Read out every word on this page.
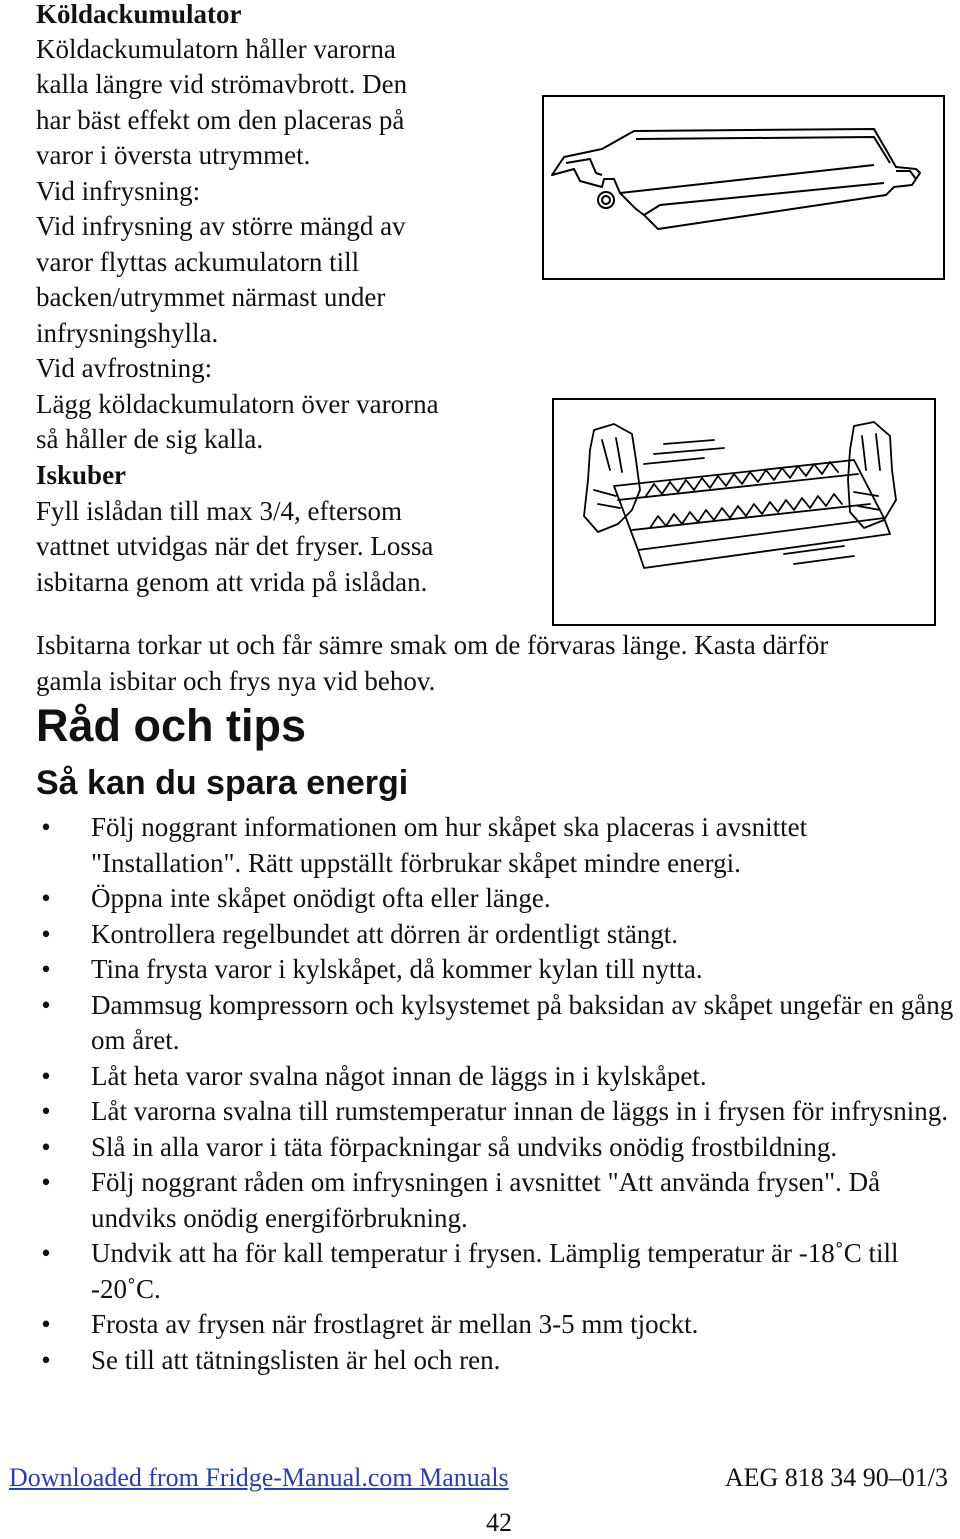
Köldackumulator
Köldackumulatorn håller varorna
kalla längre vid strömavbrott. Den
har bäst effekt om den placeras på
varor i översta utrymmet.
Vid infrysning:
Vid infrysning av större mängd av
varor flyttas ackumulatorn till
backen/utrymmet närmast under
infrysningshylla.
Vid avfrostning:
Lägg köldackumulatorn över varorna
så håller de sig kalla.
Iskuber
Fyll islådan till max 3/4, eftersom
vattnet utvidgas när det fryser. Lossa
isbitarna genom att vrida på islådan.
Isbitarna torkar ut och får sämre smak om de förvaras länge. Kasta därför
gamla isbitar och frys nya vid behov.
Råd och tips
Så kan du spara energi
• Följ noggrant informationen om hur skåpet ska placeras i avsnittet "Installation". Rätt uppställt förbrukar skåpet mindre energi.
• Öppna inte skåpet onödigt ofta eller länge.
• Kontrollera regelbundet att dörren är ordentligt stängt.
• Tina frysta varor i kylskåpet, då kommer kylan till nytta.
• Dammsug kompressorn och kylsystemet på baksidan av skåpet ungefär en gång om året.
• Låt heta varor svalna något innan de läggs in i kylskåpet.
• Låt varorna svalna till rumstemperatur innan de läggs in i frysen för infrysning.
• Slå in alla varor i täta förpackningar så undviks onödig frostbildning.
• Följ noggrant råden om infrysningen i avsnittet "Att använda frysen". Då undviks onödig energiförbrukning.
• Undvik att ha för kall temperatur i frysen. Lämplig temperatur är -18˚C till -20˚C.
• Frosta av frysen när frostlagret är mellan 3-5 mm tjockt.
• Se till att tätningslisten är hel och ren.
Downloaded from Fridge-Manual.com Manuals	AEG 818 34 90–01/3
42
